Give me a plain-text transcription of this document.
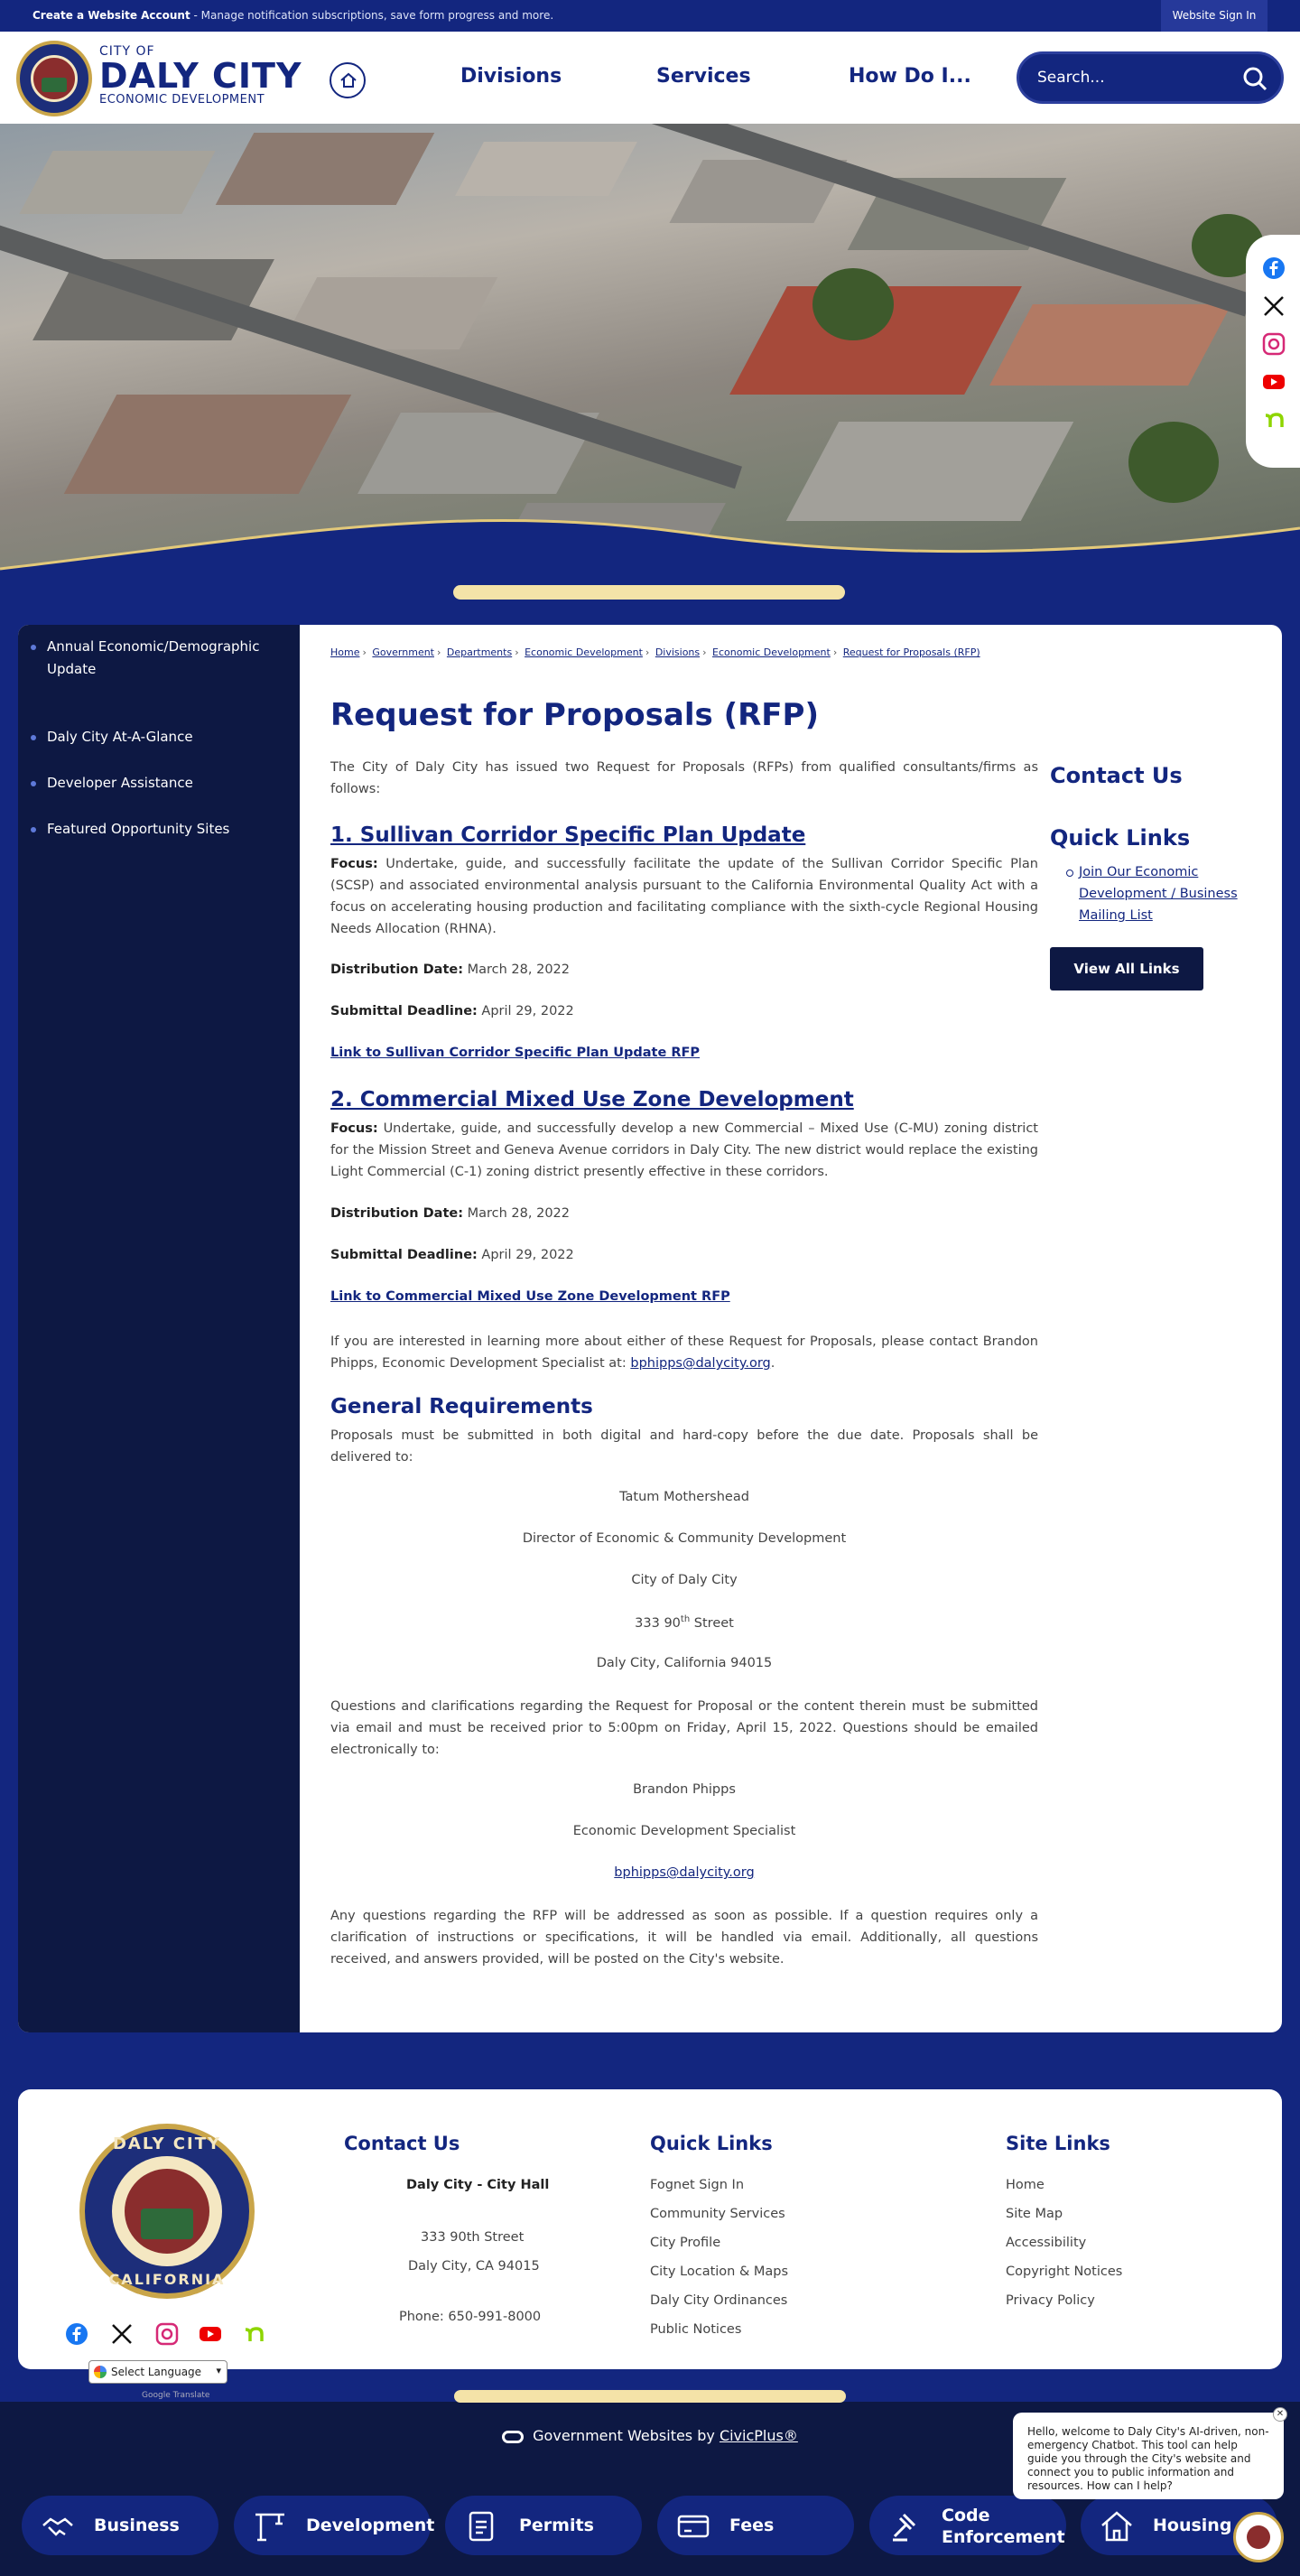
Create a Website Account - Manage notification subscriptions, save form progress and more.	Website Sign In
CITY OF
DALY CITY
ECONOMIC DEVELOPMENT
Divisions	Services	How Do I...
Search...
Annual Economic/Demographic Update
Daly City At-A-Glance
Developer Assistance
Featured Opportunity Sites
Home › Government › Departments › Economic Development › Divisions › Economic Development › Request for Proposals (RFP)
Request for Proposals (RFP)
The City of Daly City has issued two Request for Proposals (RFPs) from qualified consultants/firms as follows:
1. Sullivan Corridor Specific Plan Update
Focus: Undertake, guide, and successfully facilitate the update of the Sullivan Corridor Specific Plan (SCSP) and associated environmental analysis pursuant to the California Environmental Quality Act with a focus on accelerating housing production and facilitating compliance with the sixth-cycle Regional Housing Needs Allocation (RHNA).
Distribution Date: March 28, 2022
Submittal Deadline: April 29, 2022
Link to Sullivan Corridor Specific Plan Update RFP
2. Commercial Mixed Use Zone Development
Focus: Undertake, guide, and successfully develop a new Commercial – Mixed Use (C-MU) zoning district for the Mission Street and Geneva Avenue corridors in Daly City. The new district would replace the existing Light Commercial (C-1) zoning district presently effective in these corridors.
Distribution Date: March 28, 2022
Submittal Deadline: April 29, 2022
Link to Commercial Mixed Use Zone Development RFP
If you are interested in learning more about either of these Request for Proposals, please contact Brandon Phipps, Economic Development Specialist at: bphipps@dalycity.org.
General Requirements
Proposals must be submitted in both digital and hard-copy before the due date. Proposals shall be delivered to:
Tatum Mothershead
Director of Economic & Community Development
City of Daly City
333 90th Street
Daly City, California 94015
Questions and clarifications regarding the Request for Proposal or the content therein must be submitted via email and must be received prior to 5:00pm on Friday, April 15, 2022. Questions should be emailed electronically to:
Brandon Phipps
Economic Development Specialist
bphipps@dalycity.org
Any questions regarding the RFP will be addressed as soon as possible. If a question requires only a clarification of instructions or specifications, it will be handled via email. Additionally, all questions received, and answers provided, will be posted on the City's website.
Contact Us
Quick Links
Join Our Economic Development / Business Mailing List
View All Links
DALY CITY
CALIFORNIA
Contact Us
Daly City - City Hall
333 90th Street
Daly City, CA 94015
Phone: 650-991-8000
Quick Links
Fognet Sign In
Community Services
City Profile
City Location & Maps
Daly City Ordinances
Public Notices
Site Links
Home
Site Map
Accessibility
Copyright Notices
Privacy Policy
Select Language ▾
Google Translate
Government Websites by CivicPlus®
Business	Development	Permits	Fees	Code Enforcement
Housing
✕
Hello, welcome to Daly City's AI-driven, non-emergency Chatbot. This tool can help guide you through the City's website and connect you to public information and resources. How can I help?
